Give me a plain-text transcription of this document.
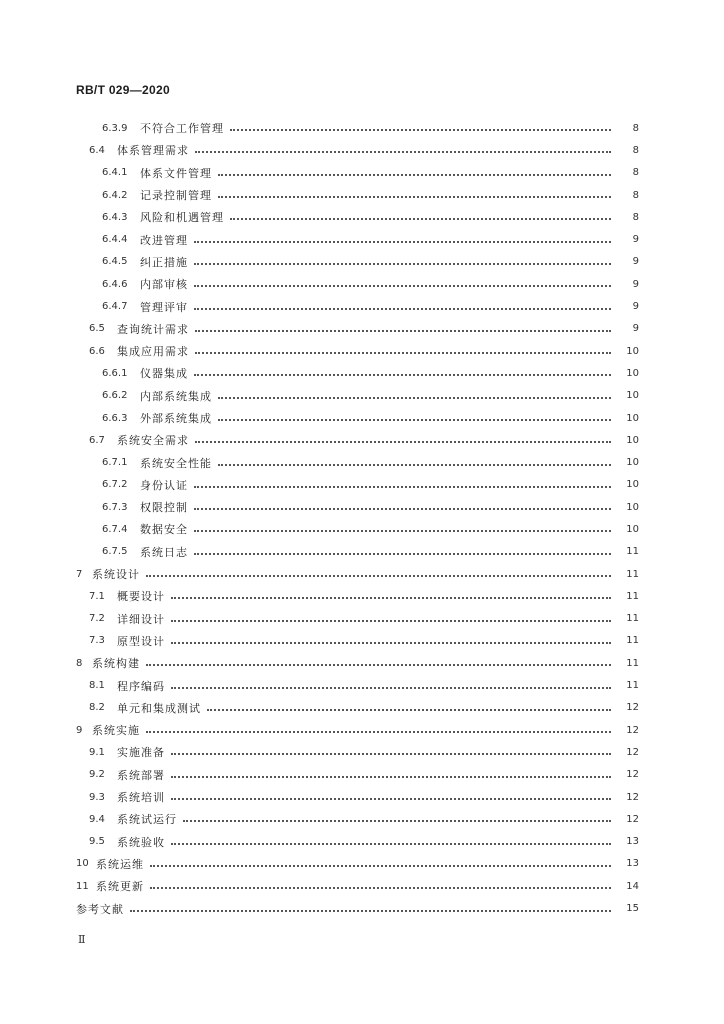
RB/T 029—2020
6.3.9	不符合工作管理	8
6.4	体系管理需求	8
6.4.1	体系文件管理	8
6.4.2	记录控制管理	8
6.4.3	风险和机遇管理	8
6.4.4	改进管理	9
6.4.5	纠正措施	9
6.4.6	内部审核	9
6.4.7	管理评审	9
6.5	查询统计需求	9
6.6	集成应用需求	10
6.6.1	仪器集成	10
6.6.2	内部系统集成	10
6.6.3	外部系统集成	10
6.7	系统安全需求	10
6.7.1	系统安全性能	10
6.7.2	身份认证	10
6.7.3	权限控制	10
6.7.4	数据安全	10
6.7.5	系统日志	11
7 系统设计	11
7.1	概要设计	11
7.2	详细设计	11
7.3	原型设计	11
8 系统构建	11
8.1	程序编码	11
8.2	单元和集成测试	12
9 系统实施	12
9.1	实施准备	12
9.2	系统部署	12
9.3	系统培训	12
9.4	系统试运行	12
9.5	系统验收	13
10 系统运维	13
11 系统更新	14
参考文献	15
Ⅱ
